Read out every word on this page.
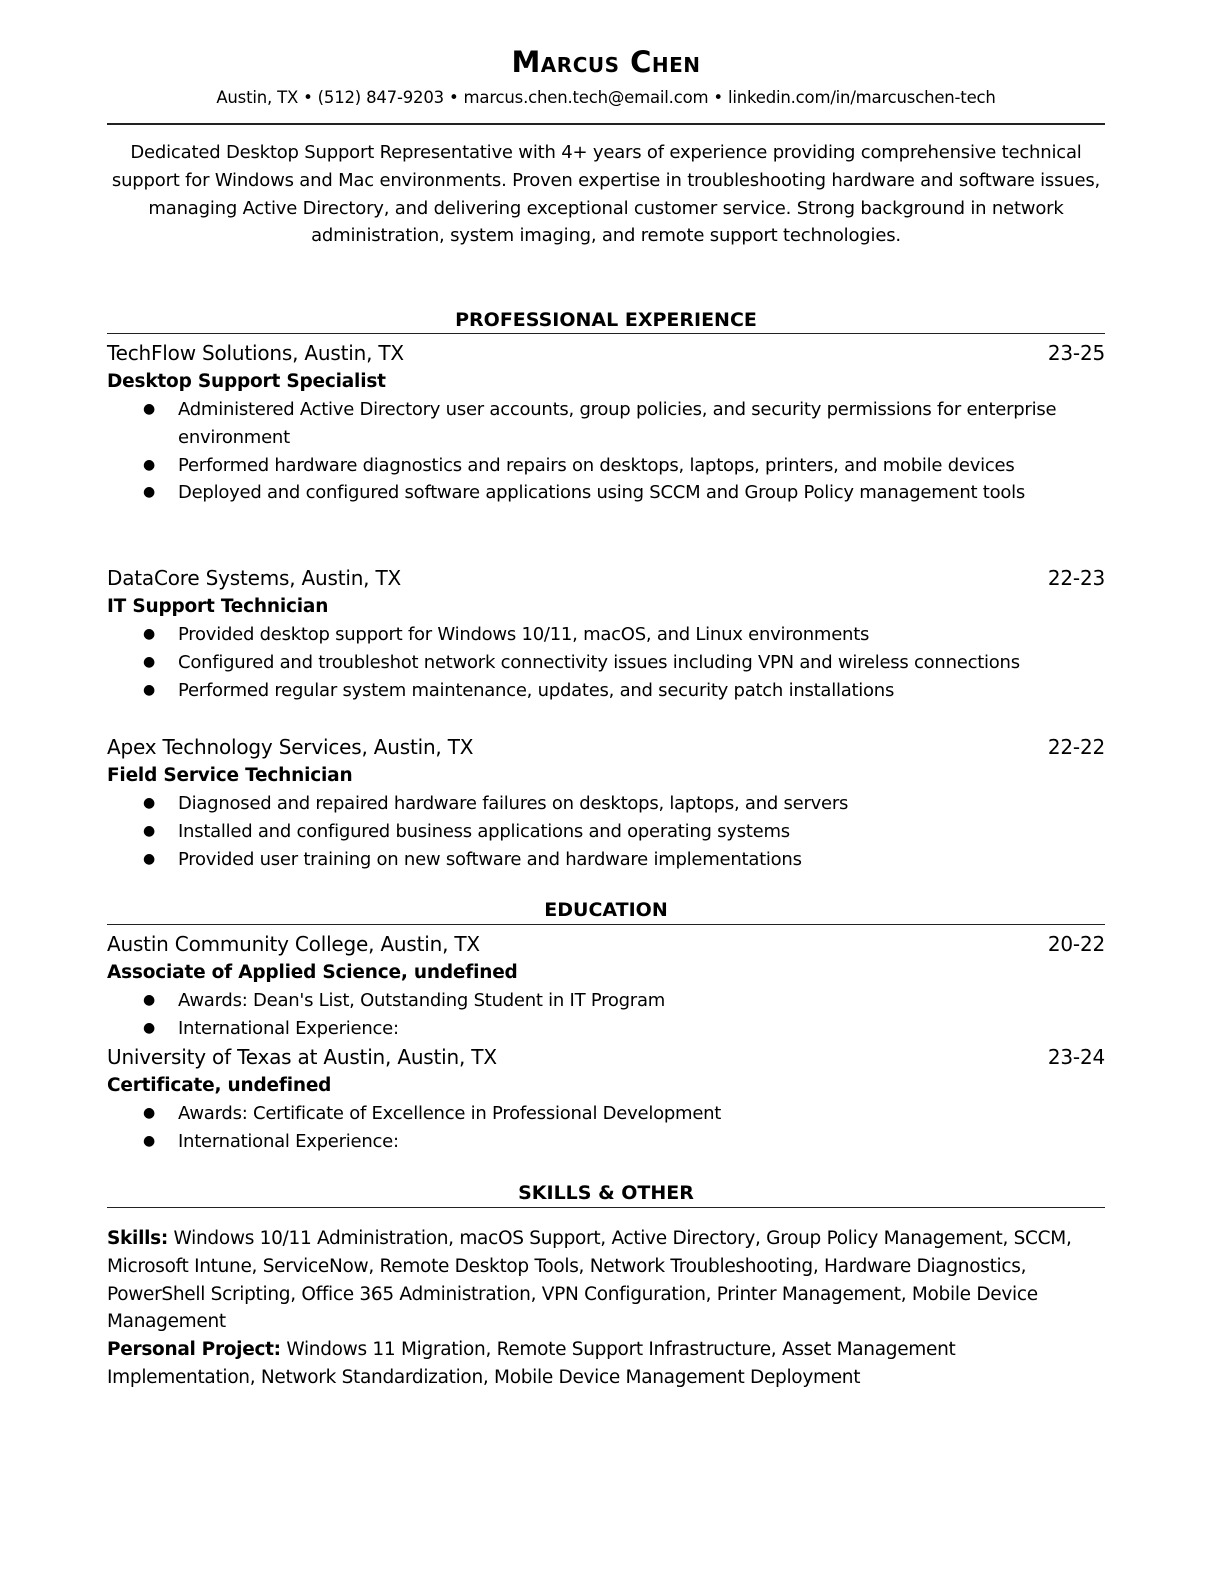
Marcus Chen
Austin, TX • (512) 847-9203 • marcus.chen.tech@email.com • linkedin.com/in/marcuschen-tech
Dedicated Desktop Support Representative with 4+ years of experience providing comprehensive technical support for Windows and Mac environments. Proven expertise in troubleshooting hardware and software issues, managing Active Directory, and delivering exceptional customer service. Strong background in network administration, system imaging, and remote support technologies.
PROFESSIONAL EXPERIENCE
TechFlow Solutions, Austin, TX	23-25
Desktop Support Specialist
● Administered Active Directory user accounts, group policies, and security permissions for enterprise environment
● Performed hardware diagnostics and repairs on desktops, laptops, printers, and mobile devices
● Deployed and configured software applications using SCCM and Group Policy management tools
DataCore Systems, Austin, TX	22-23
IT Support Technician
● Provided desktop support for Windows 10/11, macOS, and Linux environments
● Configured and troubleshot network connectivity issues including VPN and wireless connections
● Performed regular system maintenance, updates, and security patch installations
Apex Technology Services, Austin, TX	22-22
Field Service Technician
● Diagnosed and repaired hardware failures on desktops, laptops, and servers
● Installed and configured business applications and operating systems
● Provided user training on new software and hardware implementations
EDUCATION
Austin Community College, Austin, TX	20-22
Associate of Applied Science, undefined
● Awards: Dean's List, Outstanding Student in IT Program
● International Experience:
University of Texas at Austin, Austin, TX	23-24
Certificate, undefined
● Awards: Certificate of Excellence in Professional Development
● International Experience:
SKILLS & OTHER
Skills: Windows 10/11 Administration, macOS Support, Active Directory, Group Policy Management, SCCM, Microsoft Intune, ServiceNow, Remote Desktop Tools, Network Troubleshooting, Hardware Diagnostics, PowerShell Scripting, Office 365 Administration, VPN Configuration, Printer Management, Mobile Device Management
Personal Project: Windows 11 Migration, Remote Support Infrastructure, Asset Management Implementation, Network Standardization, Mobile Device Management Deployment
